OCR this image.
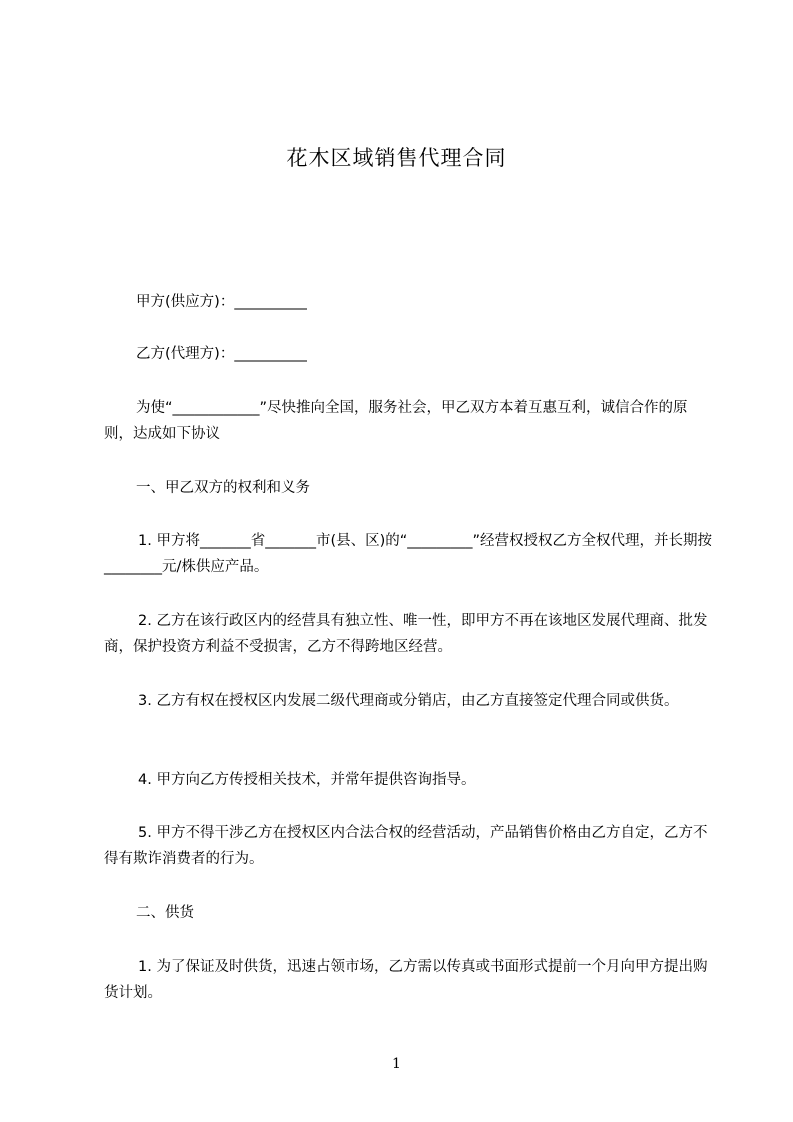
花木区域销售代理合同

甲方(供应方)：__________

乙方(代理方)：__________

为使“____________”尽快推向全国，服务社会，甲乙双方本着互惠互利，诚信合作的原则，达成如下协议

一、甲乙双方的权利和义务

1. 甲方将_______省_______市(县、区)的“_________”经营权授权乙方全权代理，并长期按________元/株供应产品。

2. 乙方在该行政区内的经营具有独立性、唯一性，即甲方不再在该地区发展代理商、批发商，保护投资方利益不受损害，乙方不得跨地区经营。

3. 乙方有权在授权区内发展二级代理商或分销店，由乙方直接签定代理合同或供货。

4. 甲方向乙方传授相关技术，并常年提供咨询指导。

5. 甲方不得干涉乙方在授权区内合法合权的经营活动，产品销售价格由乙方自定，乙方不得有欺诈消费者的行为。

二、供货

1. 为了保证及时供货，迅速占领市场，乙方需以传真或书面形式提前一个月向甲方提出购货计划。

1
